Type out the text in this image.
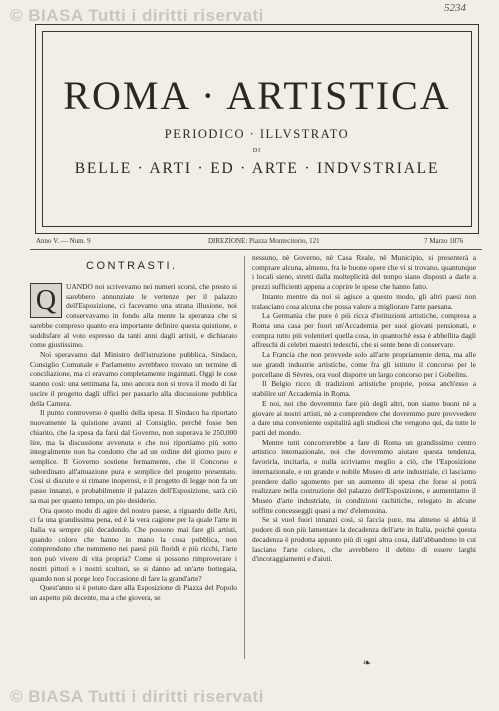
© BIASA Tutti i diritti riservati	5234
ROMA · ARTISTICA
PERIODICO · ILLVSTRATO
DI
BELLE · ARTI · ED · ARTE · INDVSTRIALE
Anno V. — Num. 9	DIREZIONE: Piazza Montecitorio, 121	7 Marzo 1876
CONTRASTI.
Q	UANDO noi scrivevamo nei numeri scorsi, che presto si sarebbero annunziate le vertenze per il palazzo dell'Esposizione, ci facevamo una strana illusione, noi conservavamo in fondo alla mente la speranza che si sarebbe compreso quanto era importante definire questa quistione, e soddisfare al voto espresso da tanti anni dagli artisti, e dichiarato come giustissimo.

Noi speravamo dal Ministro dell'istruzione pubblica, Sindaco, Consiglio Comunale e Parlamento avrebbero trovato un termine di conciliazione, ma ci eravamo completamente ingannati. Oggi le cose stanno così: una settimana fa, uno ancora non si trova il modo di far uscire il progetto dagli uffici per passarlo alla discussione pubblica della Camera.

Il punto controverso è quello della spesa. Il Sindaco ha riportato nuovamente la quistione avanti al Consiglio, perchè fosse ben chiarito, che la spesa da farsi dal Governo, non superava le 250,000 lire, ma la discussione avvenuta e che noi riportiamo più sotto integralmente non ha condotto che ad un ordine del giorno puro e semplice. Il Governo sostiene fermamente, che il Concorso e subordinato all'attuazione pura e semplice del progetto presentato. Così si discute e si rimane inoperosi, e il progetto di legge non fa un passo innanzi, e probabilmente il palazzo dell'Esposizione, sarà ciò sa mai per quanto tempo, un pio desiderio.

Ora questo modo di agire del nostro paese, a riguardo delle Arti, ci fa una grandissima pena, ed è la vera cagione per la quale l'arte in Italia va sempre più decadendo. Che possono mai fare gli artisti, quando coloro che hanno in mano la cosa pubblica, non comprendono che nemmeno nei paesi più floridi e più ricchi, l'arte non può vivere di vita propria? Come si possono rimproverare i nostri pittori e i nostri scultori, se si danno ad un'arte bottegaia, quando non si porge loro l'occasione di fare la grand'arte?

Quest'anno si è potuto dare alla Esposizione di Piazza del Popolo un aspetto più decente, ma a che giovera, se

nessuno, nè Governo, nè Casa Reale, nè Municipio, si presenterà a comprare alcuna, almeno, fra le buone opere che vi si trovano, quantunque i locali sieno, stretti dalla molteplicità del tempo siano disposti a darle a prezzi sufficienti appena a coprire le spese che hanno fatto.

Intanto mentre da noi si agisce a questo modo, gli altri paesi non tralasciano cosa alcuna che possa valere a migliorare l'arte paesana.

La Germania che pure è più ricca d'istituzioni artistiche, compresa a Roma una casa per fuori un'Accademia per suoi giovani pensionati, e compra tutto più volentieri quella cosa, in quantochè essa è abbellita dagli affreschi di celebri maestri tedeschi, che si sente bene di conservare.

La Francia che non provvede solo all'arte propriamente detta, ma alle sue grandi industrie artistiche, come fra gli istituto il concorso per le porcellane di Sèvres, ora vuol disporre un largo concorso per i Gobelins.

Il Belgio ricco di tradizioni artistiche proprie, possa anch'esso a stabilire un' Accademia in Roma.

E noi, noi che dovremmo fare più degli altri, non siamo buoni nè a giovare ai nostri artisti, nè a comprendere che dovremmo pure provvedere a dare una conveniente ospitalità agli studiosi che vengono qui, da tutte le parti del mondo.

Mentre tutti concorrerebbe a fare di Roma un grandissimo centro artistico internazionale, noi che dovremmo aiutare questa tendenza, favorirla, incitarla, e nulla scriviamo meglio a ciò, che l'Esposizione internazionale, e un grande e nobile Museo di arte industriale, ci lasciamo prendere dallo sgomento per un aumento di spesa che forse si potrà realizzare nella costruzione del palazzo dell'Esposizione, e aumentiamo il Museo d'arte industriale, in condizioni rachitiche, relegato in alcune soffitte concesseggli quasi a mo' d'elemosina.

Se si vuol fuori innanzi così, si faccia pure, ma almeno si abbia il pudore di non più lamentare la decadenza dell'arte in Italia, poichè questa decadenza è prodotta appunto più di ogni altra cosa, dall'abbandono in cui lasciano l'arte coloro, che avrebbero il debito di essere larghi d'incoraggiamenti e d'aiuti.

❧
© BIASA Tutti i diritti riservati
